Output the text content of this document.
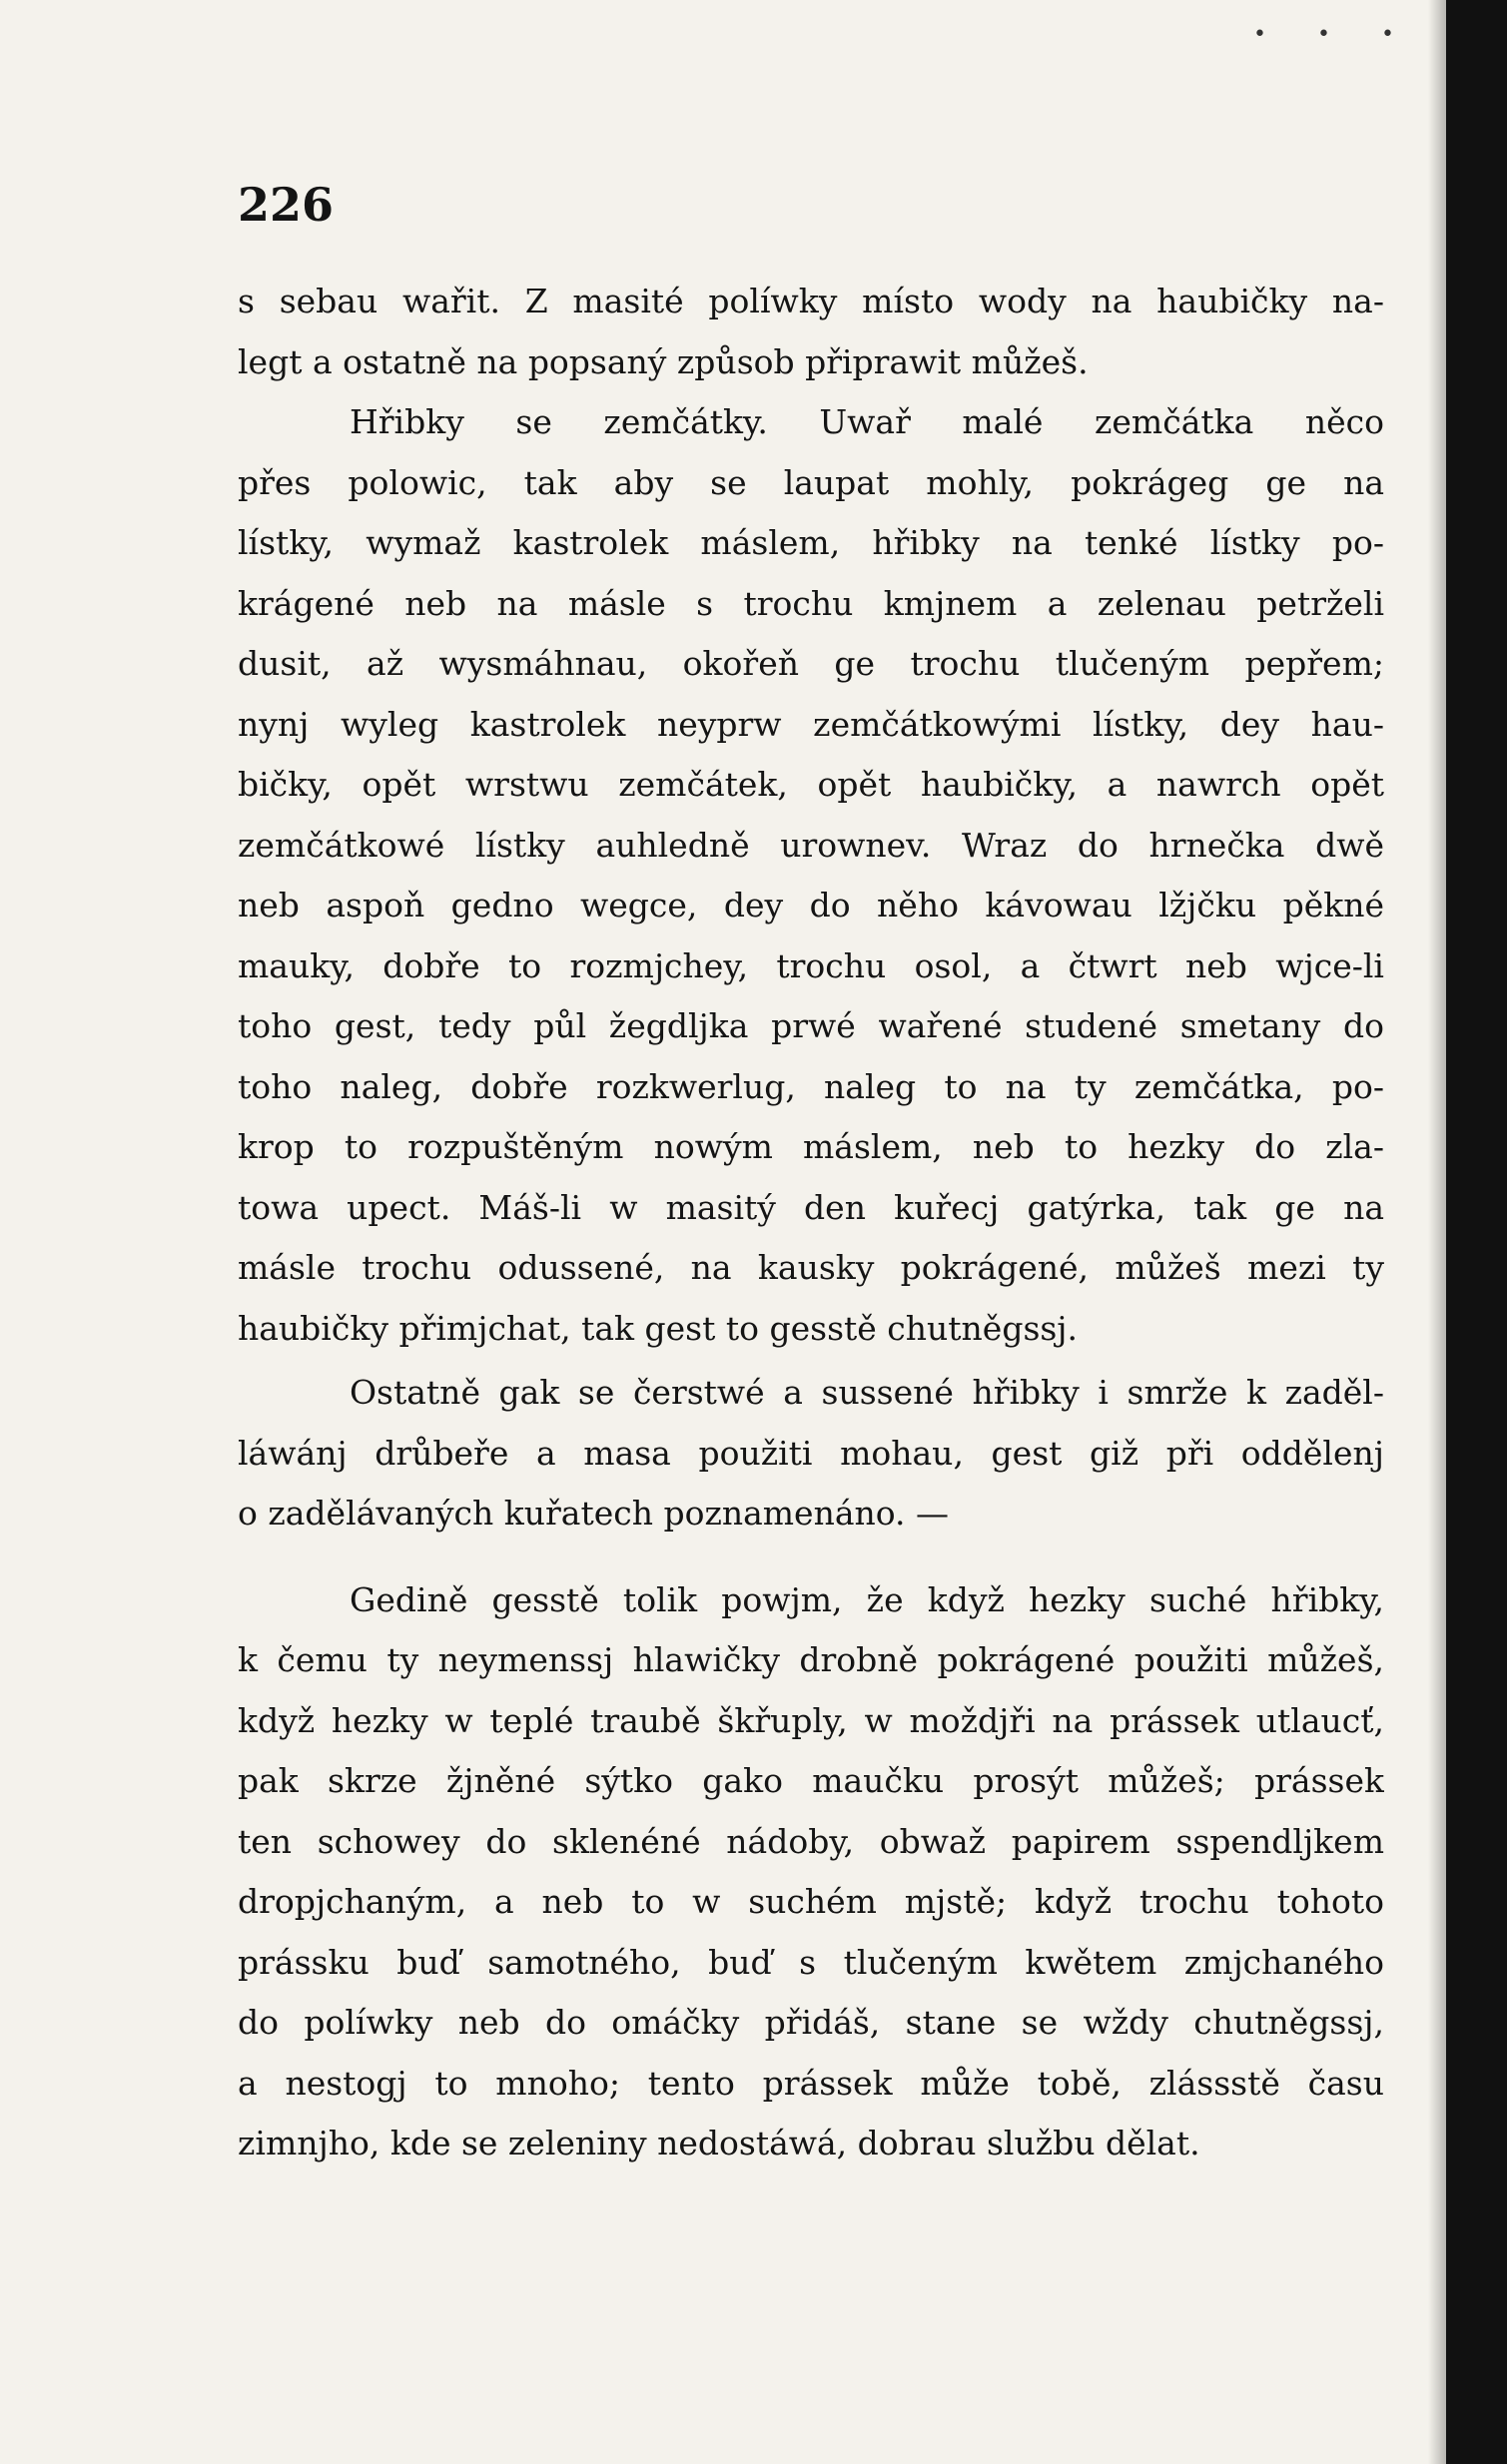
• • •
226
s sebau wařit. Z masité políwky místo wody na haubičky na-
legt a ostatně na popsaný způsob připrawit můžeš.
Hřibky se zemčátky. Uwař malé zemčátka něco
přes polowic, tak aby se laupat mohly, pokrágeg ge na
lístky, wymaž kastrolek máslem, hřibky na tenké lístky po-
krágené neb na másle s trochu kmjnem a zelenau petrželi
dusit, až wysmáhnau, okořeň ge trochu tlučeným pepřem;
nynj wyleg kastrolek neyprw zemčátkowými lístky, dey hau-
bičky, opět wrstwu zemčátek, opět haubičky, a nawrch opět
zemčátkowé lístky auhledně urownev. Wraz do hrnečka dwě
neb aspoň gedno wegce, dey do něho kávowau lžjčku pěkné
mauky, dobře to rozmjchey, trochu osol, a čtwrt neb wjce-li
toho gest, tedy půl žegdljka prwé wařené studené smetany do
toho naleg, dobře rozkwerlug, naleg to na ty zemčátka, po-
krop to rozpuštěným nowým máslem, neb to hezky do zla-
towa upect. Máš-li w masitý den kuřecj gatýrka, tak ge na
másle trochu odussené, na kausky pokrágené, můžeš mezi ty
haubičky přimjchat, tak gest to gesstě chutněgssj.
Ostatně gak se čerstwé a sussené hřibky i smrže k zaděl-
láwánj drůbeře a masa použiti mohau, gest giž při oddělenj
o zadělávaných kuřatech poznamenáno. —
Gedině gesstě tolik powjm, že když hezky suché hřibky,
k čemu ty neymenssj hlawičky drobně pokrágené použiti můžeš,
když hezky w teplé traubě škřuply, w moždjři na prássek utlaucť,
pak skrze žjněné sýtko gako maučku prosýt můžeš; prássek
ten schowey do sklenéné nádoby, obwaž papirem sspendljkem
dropjchaným, a neb to w suchém mjstě; když trochu tohoto
prássku buď samotného, buď s tlučeným kwětem zmjchaného
do políwky neb do omáčky přidáš, stane se wždy chutněgssj,
a nestogj to mnoho; tento prássek může tobě, zlássstě času
zimnjho, kde se zeleniny nedostáwá, dobrau službu dělat.
